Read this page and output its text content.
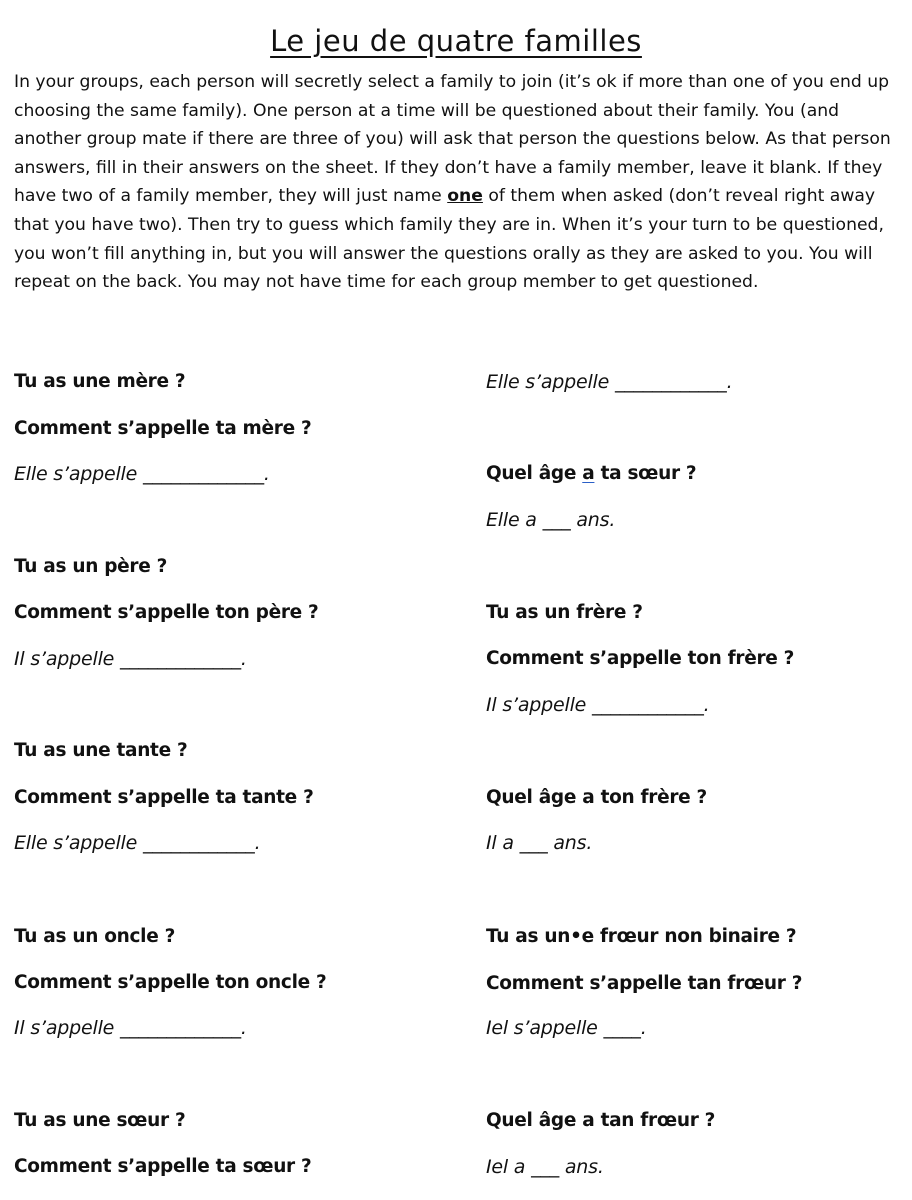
Le jeu de quatre familles

In your groups, each person will secretly select a family to join (it’s ok if more than one of you end up choosing the same family). One person at a time will be questioned about their family. You (and another group mate if there are three of you) will ask that person the questions below. As that person answers, fill in their answers on the sheet. If they don’t have a family member, leave it blank. If they have two of a family member, they will just name one of them when asked (don’t reveal right away that you have two). Then try to guess which family they are in. When it’s your turn to be questioned, you won’t fill anything in, but you will answer the questions orally as they are asked to you. You will repeat on the back. You may not have time for each group member to get questioned.

Tu as une mère ?
Comment s’appelle ta mère ?
Elle s’appelle _____________.
Tu as un père ?
Comment s’appelle ton père ?
Il s’appelle _____________.
Tu as une tante ?
Comment s’appelle ta tante ?
Elle s’appelle ____________.
Tu as un oncle ?
Comment s’appelle ton oncle ?
Il s’appelle _____________.
Tu as une sœur ?
Comment s’appelle ta sœur ?
Elle s’appelle ____________.
Quel âge a ta sœur ?
Elle a ___ ans.
Tu as un frère ?
Comment s’appelle ton frère ?
Il s’appelle ____________.
Quel âge a ton frère ?
Il a ___ ans.
Tu as un•e frœur non binaire ?
Comment s’appelle tan frœur ?
Iel s’appelle ____.
Quel âge a tan frœur ?
Iel a ___ ans.
